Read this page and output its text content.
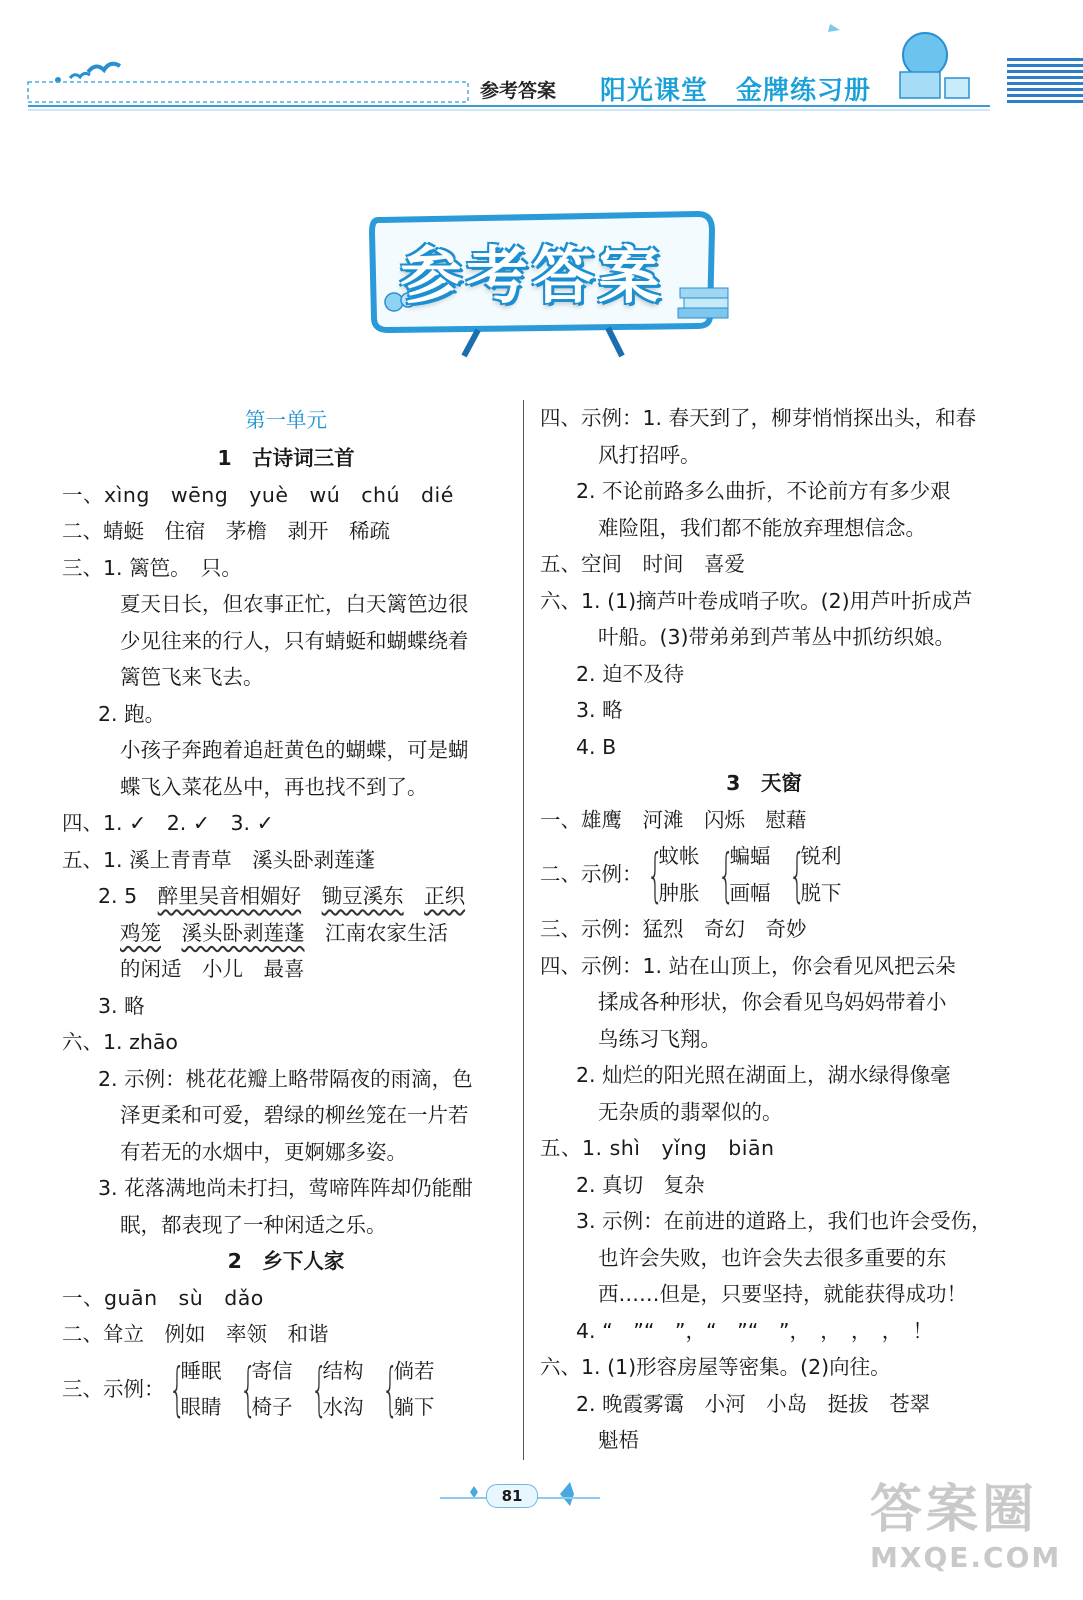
参考答案 阳光课堂 金牌练习册
参考答案
第一单元
1　古诗词三首
一、xìng　 wēng　 yuè　 wú　 chú　 dié
二、蜻蜓　住宿　茅檐　剥开　稀疏
三、1. 篱笆。　只。
夏天日长，但农事正忙，白天篱笆边很
少见往来的行人，只有蜻蜓和蝴蝶绕着
篱笆飞来飞去。
2. 跑。
小孩子奔跑着追赶黄色的蝴蝶，可是蝴
蝶飞入菜花丛中，再也找不到了。
四、1. ✓　2. ✓　3. ✓
五、1. 溪上青青草　溪头卧剥莲蓬
2. 5　醉里吴音相媚好　 锄豆溪东　 正织
鸡笼　 溪头卧剥莲蓬　 江南农家生活
的闲适　小儿　最喜
3. 略
六、1. zhāo
2. 示例：桃花花瓣上略带隔夜的雨滴，色
泽更柔和可爱，碧绿的柳丝笼在一片若
有若无的水烟中，更婀娜多姿。
3. 花落满地尚未打扫，莺啼阵阵却仍能酣
眠，都表现了一种闲适之乐。
2　乡下人家
一、guān　sù　dǎo
二、耸立　例如　率领　和谐
三、示例： {
睡眠
眼睛 {
寄信
椅子 {
结构
水沟 {
倘若
躺下
四、示例：1. 春天到了，柳芽悄悄探出头，和春
风打招呼。
2. 不论前路多么曲折，不论前方有多少艰
难险阻，我们都不能放弃理想信念。
五、空间　时间　喜爱
六、1. (1)摘芦叶卷成哨子吹。(2)用芦叶折成芦
叶船。(3)带弟弟到芦苇丛中抓纺织娘。
2. 迫不及待
3. 略
4. B
3　天窗
一、雄鹰　河滩　闪烁　慰藉
二、示例： {
蚊帐
肿胀 {
蝙蝠
画幅 {
锐利
脱下
三、示例：猛烈　奇幻　奇妙
四、示例：1. 站在山顶上，你会看见风把云朵
揉成各种形状，你会看见鸟妈妈带着小
鸟练习飞翔。
2. 灿烂的阳光照在湖面上，湖水绿得像毫
无杂质的翡翠似的。
五、1. shì　yǐng　biān
2. 真切　复杂
3. 示例：在前进的道路上，我们也许会受伤，
也许会失败，也许会失去很多重要的东
西……但是，只要坚持，就能获得成功！
4. “　”“　”，“　”“　”，　，　，　，　！
六、1. (1)形容房屋等密集。(2)向往。
2. 晚霞雾霭　小河　小岛　挺拔　苍翠
魁梧
81	答案圈
MXQE.COM
